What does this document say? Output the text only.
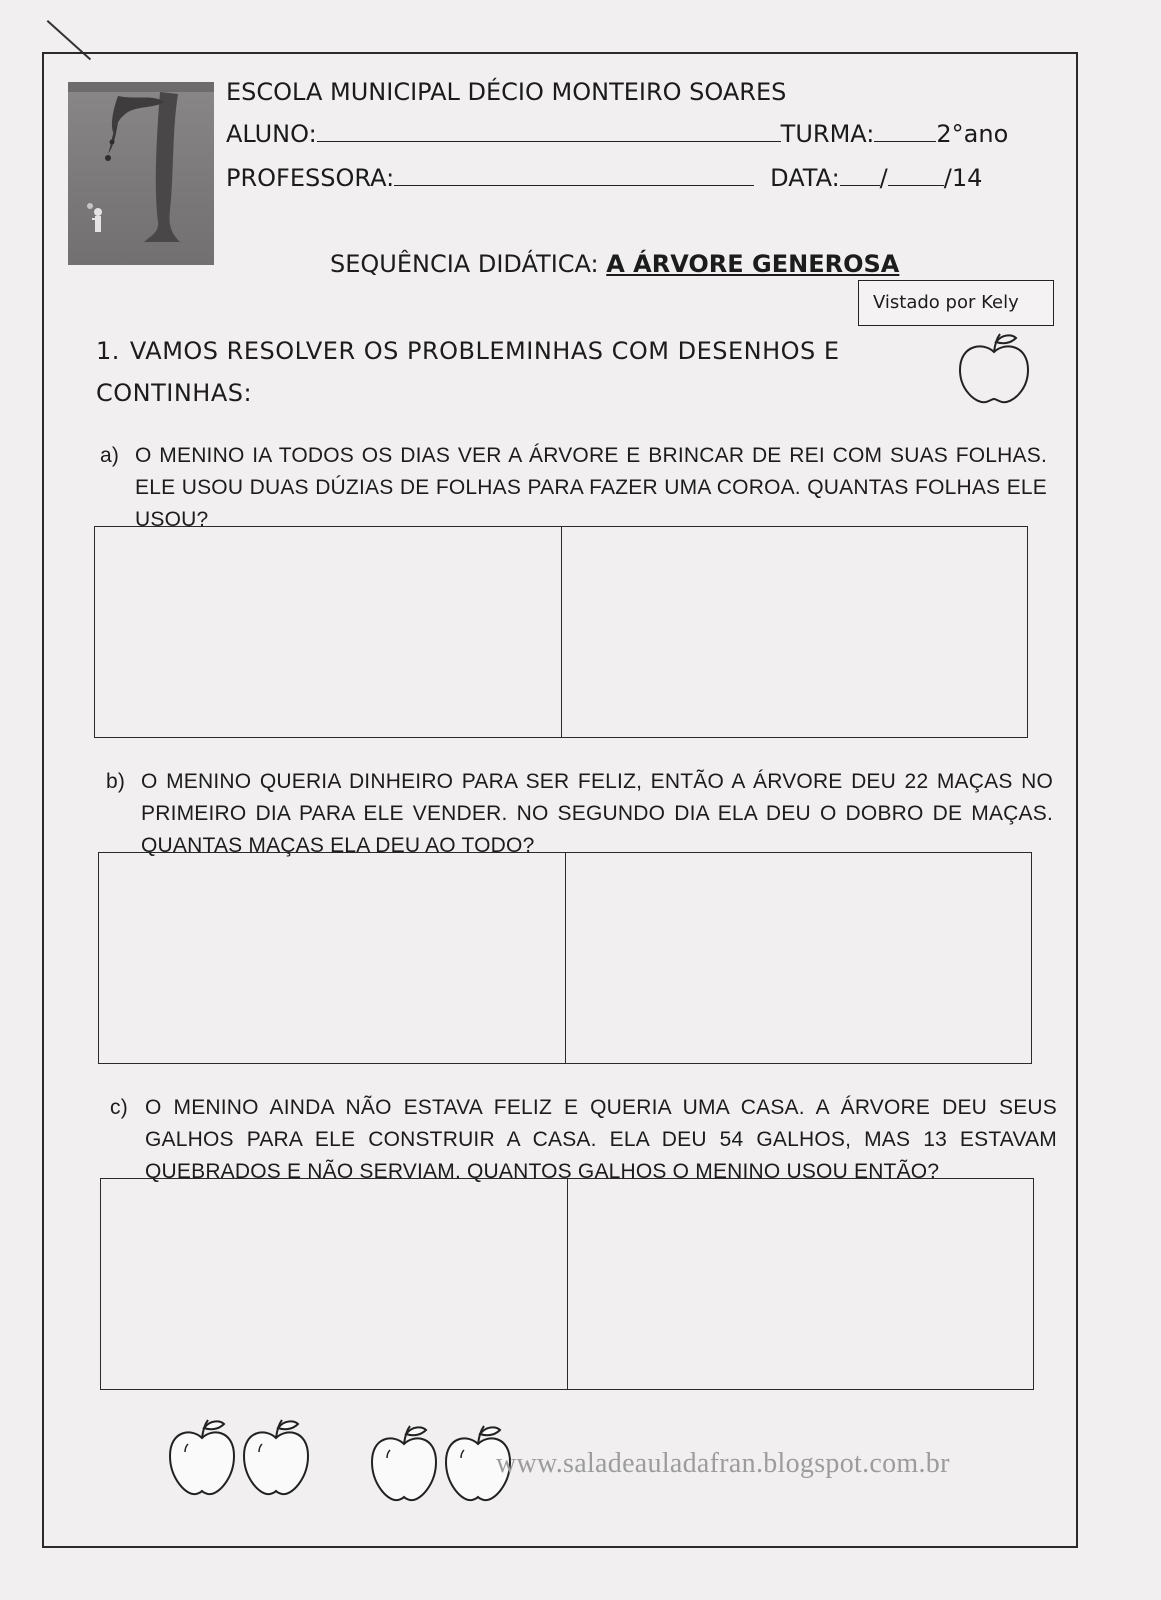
ESCOLA MUNICIPAL DÉCIO MONTEIRO SOARES
ALUNO:	TURMA:	2°ano
PROFESSORA:	DATA: / /14
SEQUÊNCIA DIDÁTICA: A ÁRVORE GENEROSA
Vistado por Kely
1. VAMOS RESOLVER OS PROBLEMINHAS COM DESENHOS E CONTINHAS:
a) O MENINO IA TODOS OS DIAS VER A ÁRVORE E BRINCAR DE REI COM SUAS FOLHAS. ELE USOU DUAS DÚZIAS DE FOLHAS PARA FAZER UMA COROA. QUANTAS FOLHAS ELE USOU?
b) O MENINO QUERIA DINHEIRO PARA SER FELIZ, ENTÃO A ÁRVORE DEU 22 MAÇAS NO PRIMEIRO DIA PARA ELE VENDER. NO SEGUNDO DIA ELA DEU O DOBRO DE MAÇAS. QUANTAS MAÇAS ELA DEU AO TODO?
c) O MENINO AINDA NÃO ESTAVA FELIZ E QUERIA UMA CASA. A ÁRVORE DEU SEUS GALHOS PARA ELE CONSTRUIR A CASA. ELA DEU 54 GALHOS, MAS 13 ESTAVAM QUEBRADOS E NÃO SERVIAM. QUANTOS GALHOS O MENINO USOU ENTÃO?
www.saladeauladafran.blogspot.com.br
